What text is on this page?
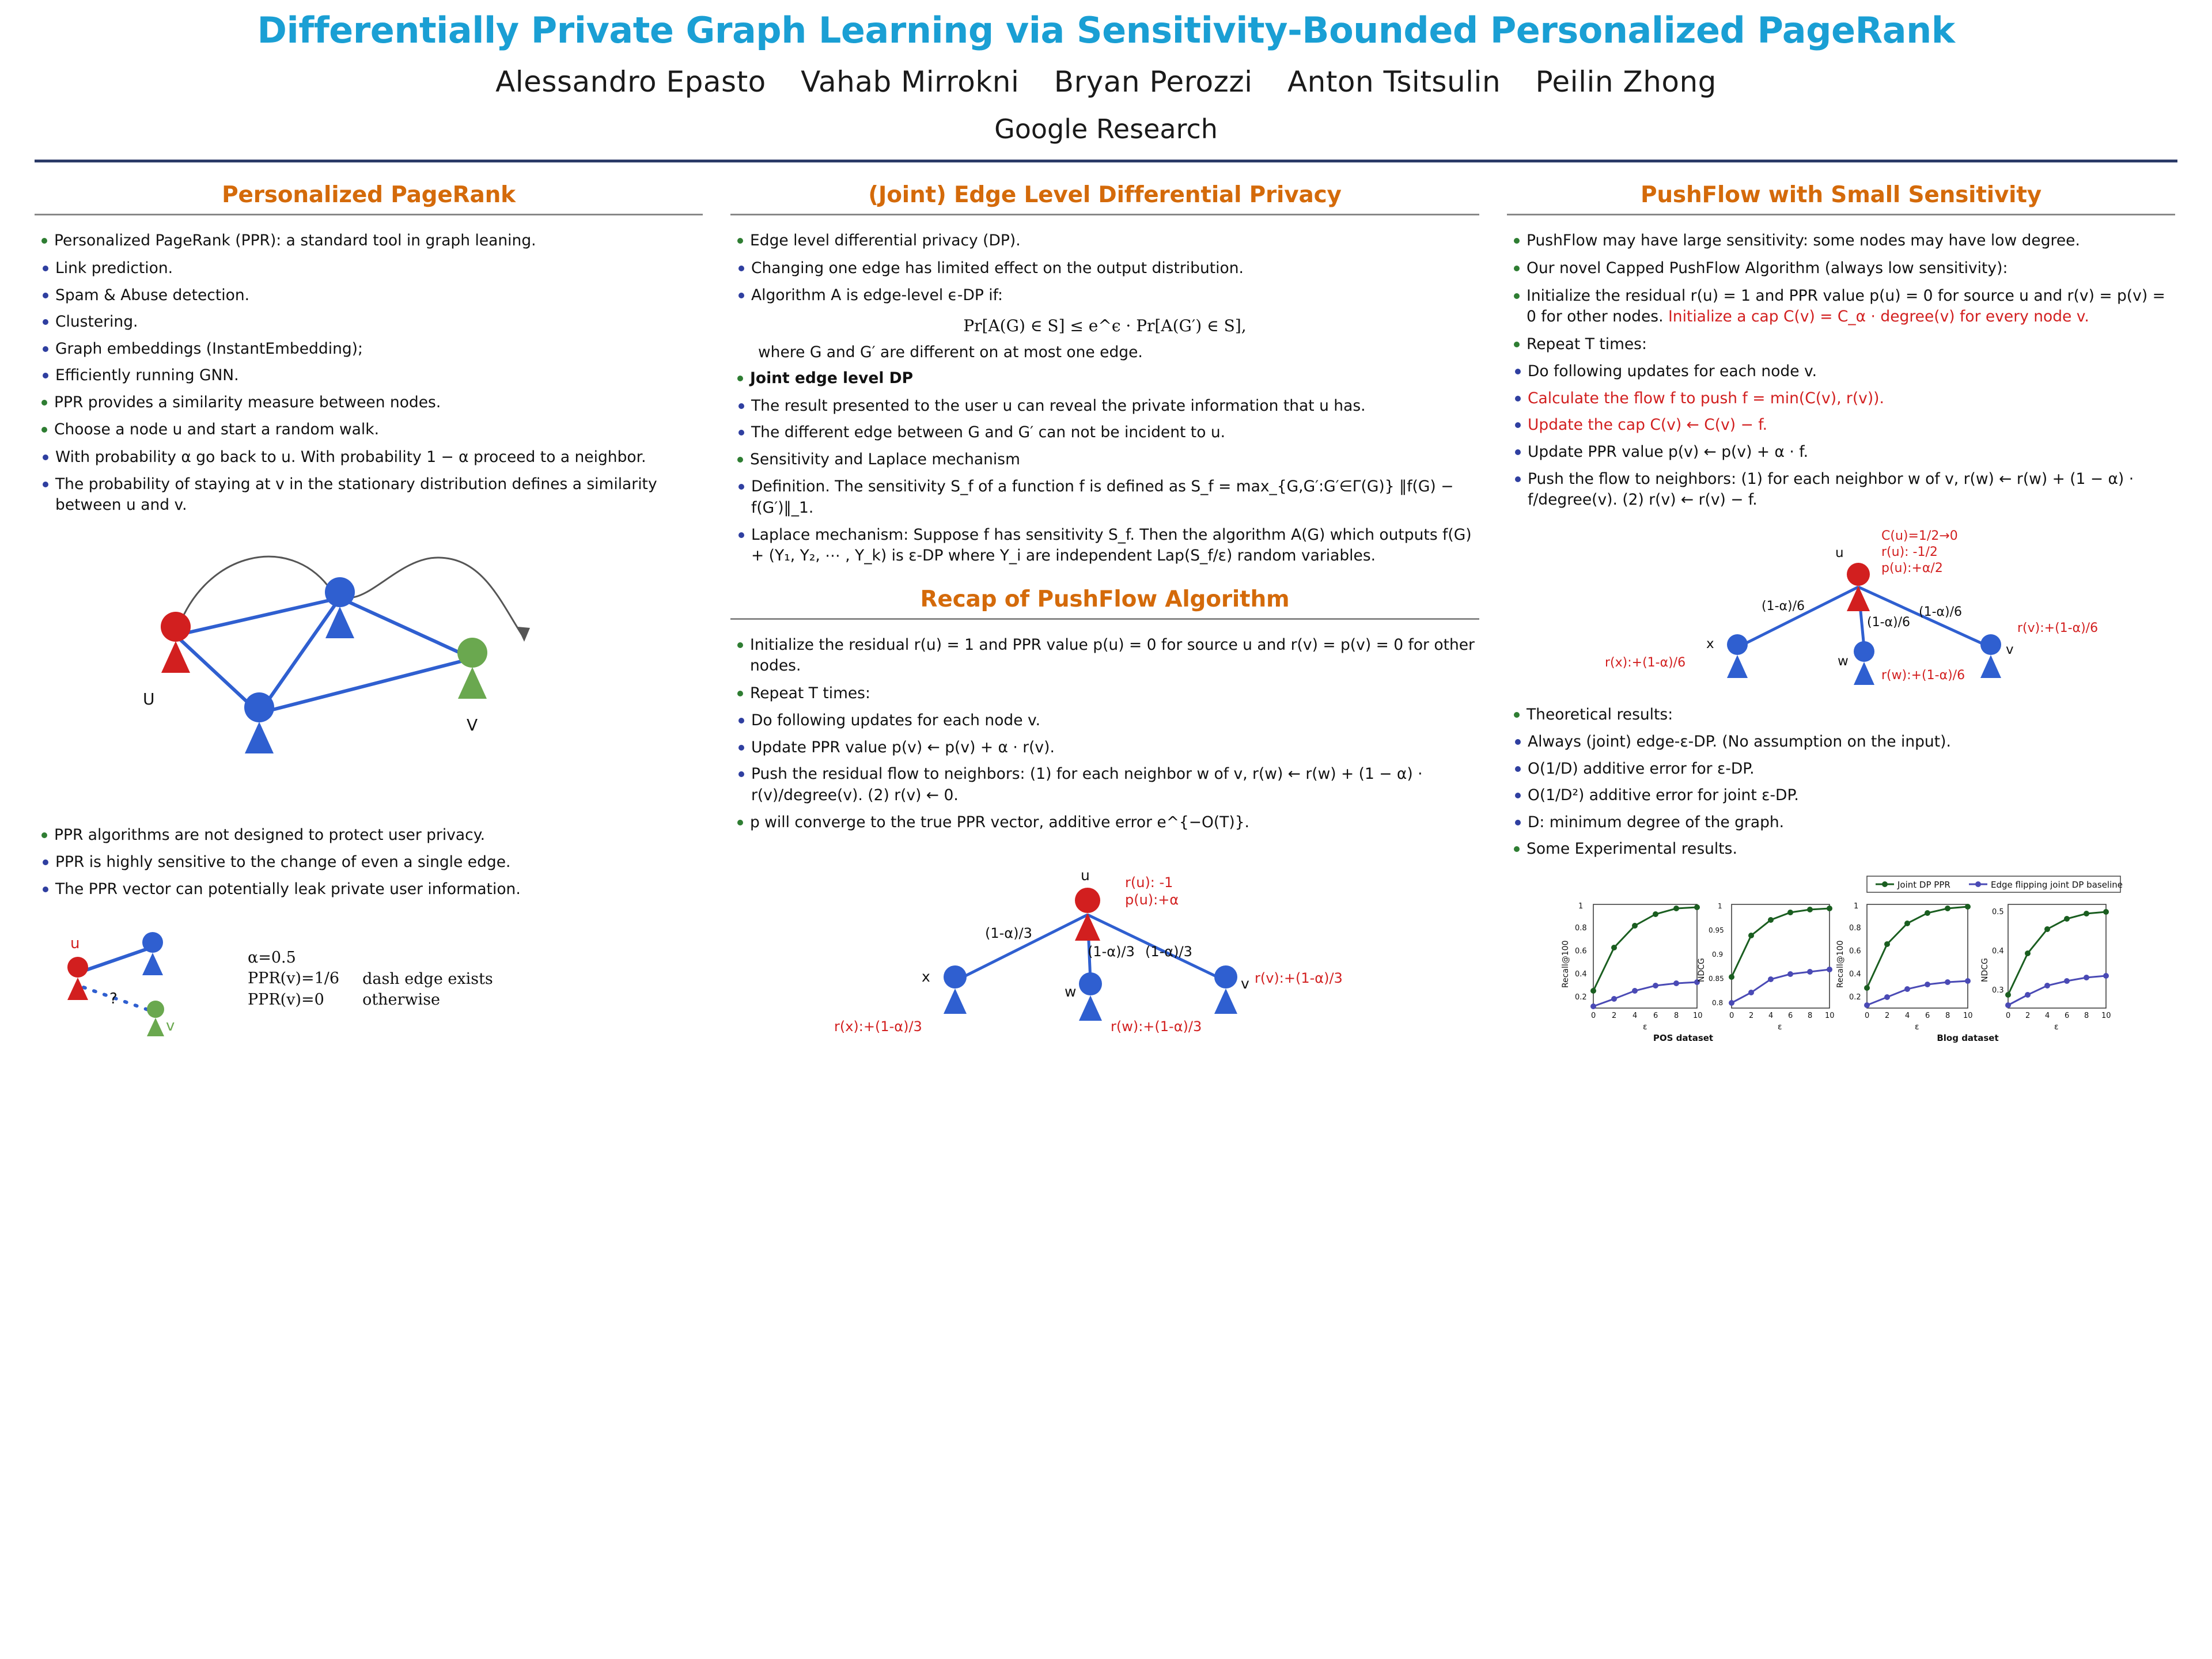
Differentially Private Graph Learning via Sensitivity-Bounded Personalized PageRank
Alessandro Epasto Vahab Mirrokni Bryan Perozzi Anton Tsitsulin Peilin Zhong
Google Research
Personalized PageRank
Personalized PageRank (PPR): a standard tool in graph leaning.
Link prediction.
Spam & Abuse detection.
Clustering.
Graph embeddings (InstantEmbedding);
Efficiently running GNN.
PPR provides a similarity measure between nodes.
Choose a node u and start a random walk.
With probability α go back to u. With probability 1 − α proceed to a neighbor.
The probability of staying at v in the stationary distribution defines a similarity between u and v.
U
V
PPR algorithms are not designed to protect user privacy.
PPR is highly sensitive to the change of even a single edge.
The PPR vector can potentially leak private user information.
u
v
?
α=0.5
PPR(v)=1/6
PPR(v)=0
dash edge exists
otherwise
(Joint) Edge Level Differential Privacy
Edge level differential privacy (DP).
Changing one edge has limited effect on the output distribution.
Algorithm A is edge-level ϵ-DP if:
Pr[A(G) ∈ S] ≤ e^ϵ · Pr[A(G′) ∈ S],
where G and G′ are different on at most one edge.
Joint edge level DP
The result presented to the user u can reveal the private information that u has.
The different edge between G and G′ can not be incident to u.
Sensitivity and Laplace mechanism
Definition. The sensitivity S_f of a function f is defined as S_f = max_{G,G′:G′∈Γ(G)} ‖f(G) − f(G′)‖_1.
Laplace mechanism: Suppose f has sensitivity S_f. Then the algorithm A(G) which outputs f(G) + (Y₁, Y₂, ⋯ , Y_k) is ε-DP where Y_i are independent Lap(S_f/ε) random variables.
Recap of PushFlow Algorithm
Initialize the residual r(u) = 1 and PPR value p(u) = 0 for source u and r(v) = p(v) = 0 for other nodes.
Repeat T times:
Do following updates for each node v.
Update PPR value p(v) ← p(v) + α · r(v).
Push the residual flow to neighbors: (1) for each neighbor w of v, r(w) ← r(w) + (1 − α) · r(v)/degree(v). (2) r(v) ← 0.
p will converge to the true PPR vector, additive error e^{−O(T)}.
u	r(u): -1
p(u):+α
(1-α)/3
(1-α)/3 (1-α)/3
x
w	v
r(x):+(1-α)/3	r(w):+(1-α)/3
r(v):+(1-α)/3
PushFlow with Small Sensitivity
PushFlow may have large sensitivity: some nodes may have low degree.
Our novel Capped PushFlow Algorithm (always low sensitivity):
Initialize the residual r(u) = 1 and PPR value p(u) = 0 for source u and r(v) = p(v) = 0 for other nodes. Initialize a cap C(v) = C_α · degree(v) for every node v.
Repeat T times:
Do following updates for each node v.
Calculate the flow f to push f = min(C(v), r(v)).
Update the cap C(v) ← C(v) − f.
Update PPR value p(v) ← p(v) + α · f.
Push the flow to neighbors: (1) for each neighbor w of v, r(w) ← r(w) + (1 − α) · f/degree(v). (2) r(v) ← r(v) − f.
u
C(u)=1/2→0
r(u): -1/2
p(u):+α/2
(1-α)/6
(1-α)/6
(1-α)/6
x
w
v
r(x):+(1-α)/6
r(w):+(1-α)/6
r(v):+(1-α)/6
Theoretical results:
Always (joint) edge-ε-DP. (No assumption on the input).
O(1/D) additive error for ε-DP.
O(1/D²) additive error for joint ε-DP.
D: minimum degree of the graph.
Some Experimental results.
Joint DP PPR	Edge flipping joint DP baseline
1
0.8
0.6
0.4
0.2
0 2 4 6 8 10
ε
Recall@100
POS dataset
1
0.95
0.9
0.85
0.8
0 2 4 6 8 10
ε
NDCG
1
0.8
0.6
0.4
0.2
0 2 4 6 8 10
ε
Recall@100
Blog dataset
0.5
0.4
0.3
0 2 4 6 8 10
ε
NDCG
